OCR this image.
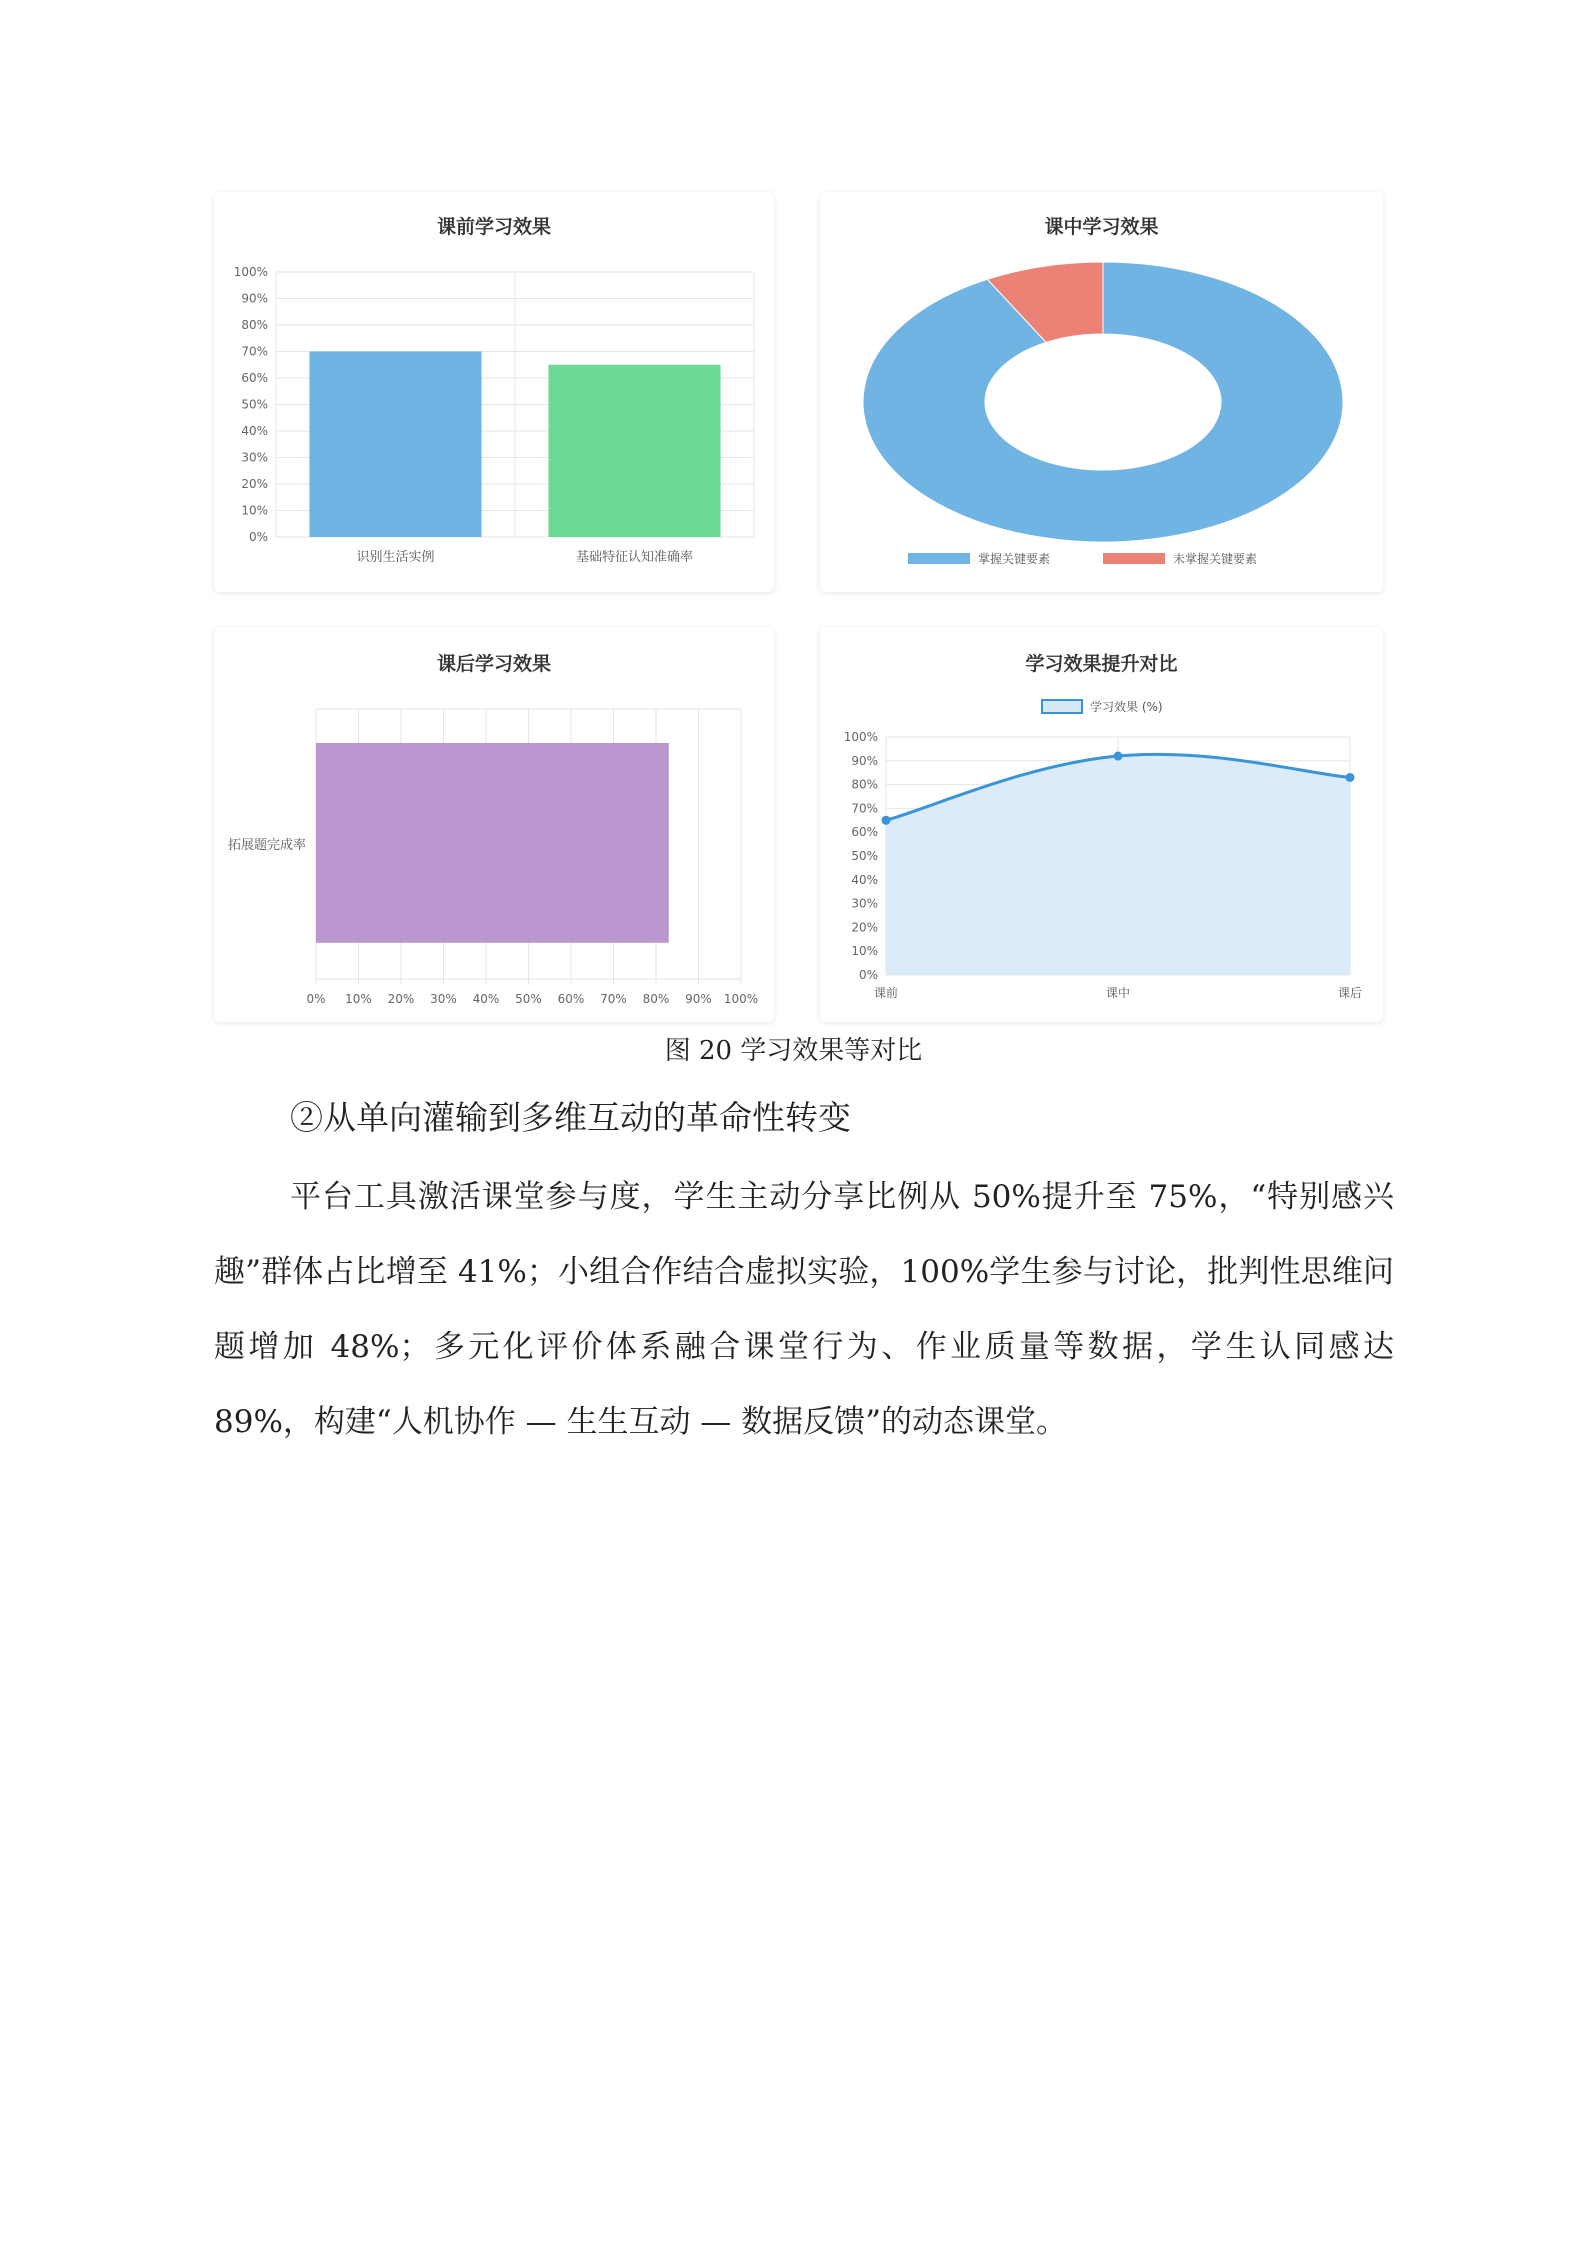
课前学习效果
0%
10%
20%
30%
40%
50%
60%
70%
80%
90%
100%
识别生活实例	基础特征认知准确率
课中学习效果
掌握关键要素	未掌握关键要素
课后学习效果
0% 10% 20% 30% 40% 50% 60% 70% 80% 90% 100%
拓展题完成率
学习效果提升对比
0%
10%
20%
30%
40%
50%
60%
70%
80%
90%
100%
课前	课中	课后
学习效果 (%)
图 20 学习效果等对比
②从单向灌输到多维互动的革命性转变
平台工具激活课堂参与度，学生主动分享比例从 50%提升至 75%，“特别感兴趣”群体占比增至 41%；小组合作结合虚拟实验，100%学生参与讨论，批判性思维问题增加 48%；多元化评价体系融合课堂行为、作业质量等数据，学生认同感达 89%，构建“人机协作 — 生生互动 — 数据反馈”的动态课堂。
